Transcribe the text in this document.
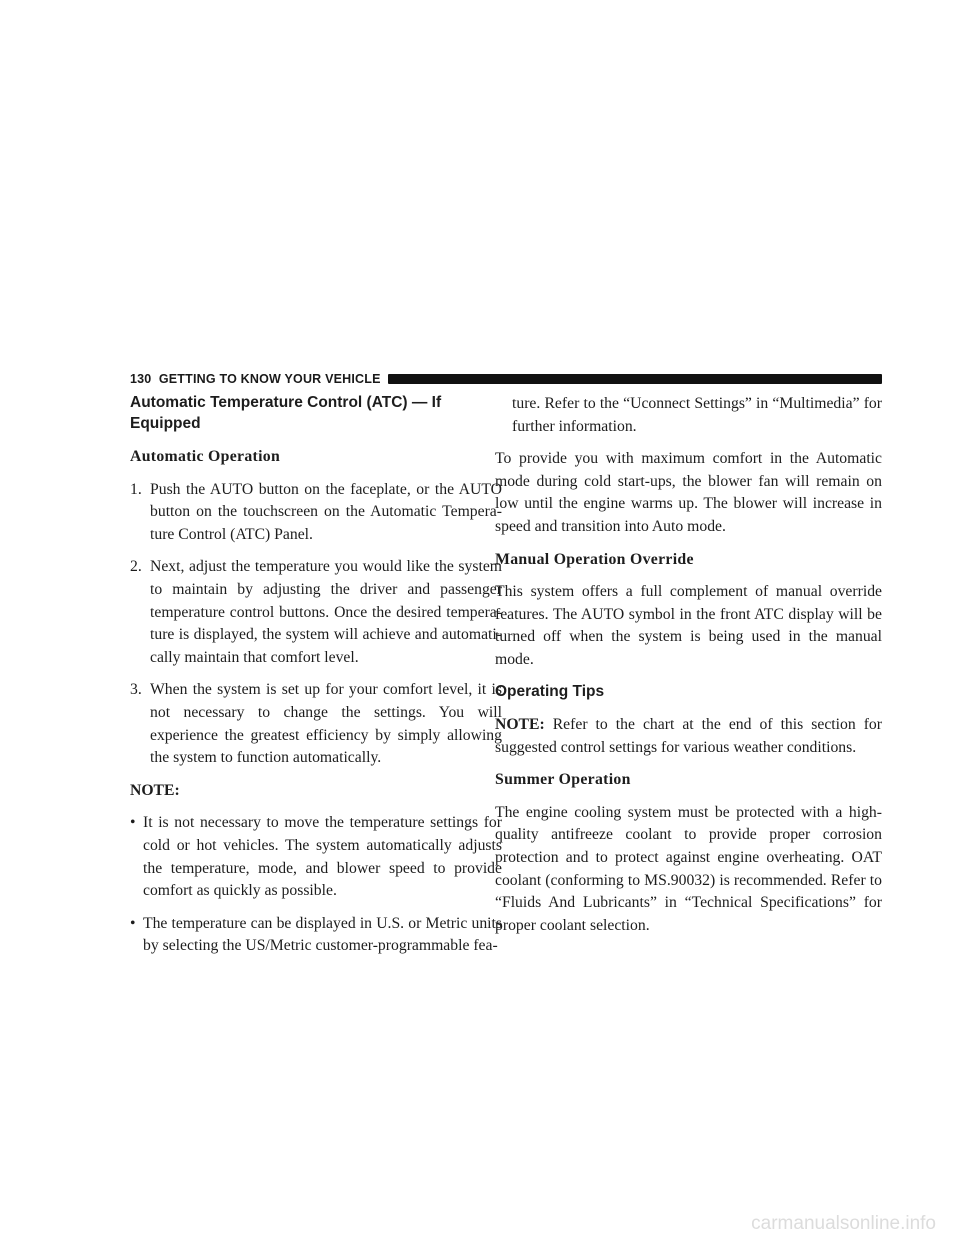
130 GETTING TO KNOW YOUR VEHICLE
Automatic Temperature Control (ATC) — If Equipped
Automatic Operation
1. Push the AUTO button on the faceplate, or the AUTO button on the touchscreen on the Automatic Tempera- ture Control (ATC) Panel.
2. Next, adjust the temperature you would like the system to maintain by adjusting the driver and passenger temperature control buttons. Once the desired tempera- ture is displayed, the system will achieve and automati- cally maintain that comfort level.
3. When the system is set up for your comfort level, it is not necessary to change the settings. You will experience the greatest efficiency by simply allowing the system to function automatically.
NOTE:
• It is not necessary to move the temperature settings for cold or hot vehicles. The system automatically adjusts the temperature, mode, and blower speed to provide comfort as quickly as possible.
• The temperature can be displayed in U.S. or Metric units by selecting the US/Metric customer-programmable fea-
ture. Refer to the “Uconnect Settings” in “Multimedia” for further information.
To provide you with maximum comfort in the Automatic mode during cold start-ups, the blower fan will remain on low until the engine warms up. The blower will increase in speed and transition into Auto mode.
Manual Operation Override
This system offers a full complement of manual override features. The AUTO symbol in the front ATC display will be turned off when the system is being used in the manual mode.
Operating Tips
NOTE: Refer to the chart at the end of this section for suggested control settings for various weather conditions.
Summer Operation
The engine cooling system must be protected with a high-quality antifreeze coolant to provide proper corrosion protection and to protect against engine overheating. OAT coolant (conforming to MS.90032) is recommended. Refer to “Fluids And Lubricants” in “Technical Specifications” for proper coolant selection.
carmanualsonline.info
